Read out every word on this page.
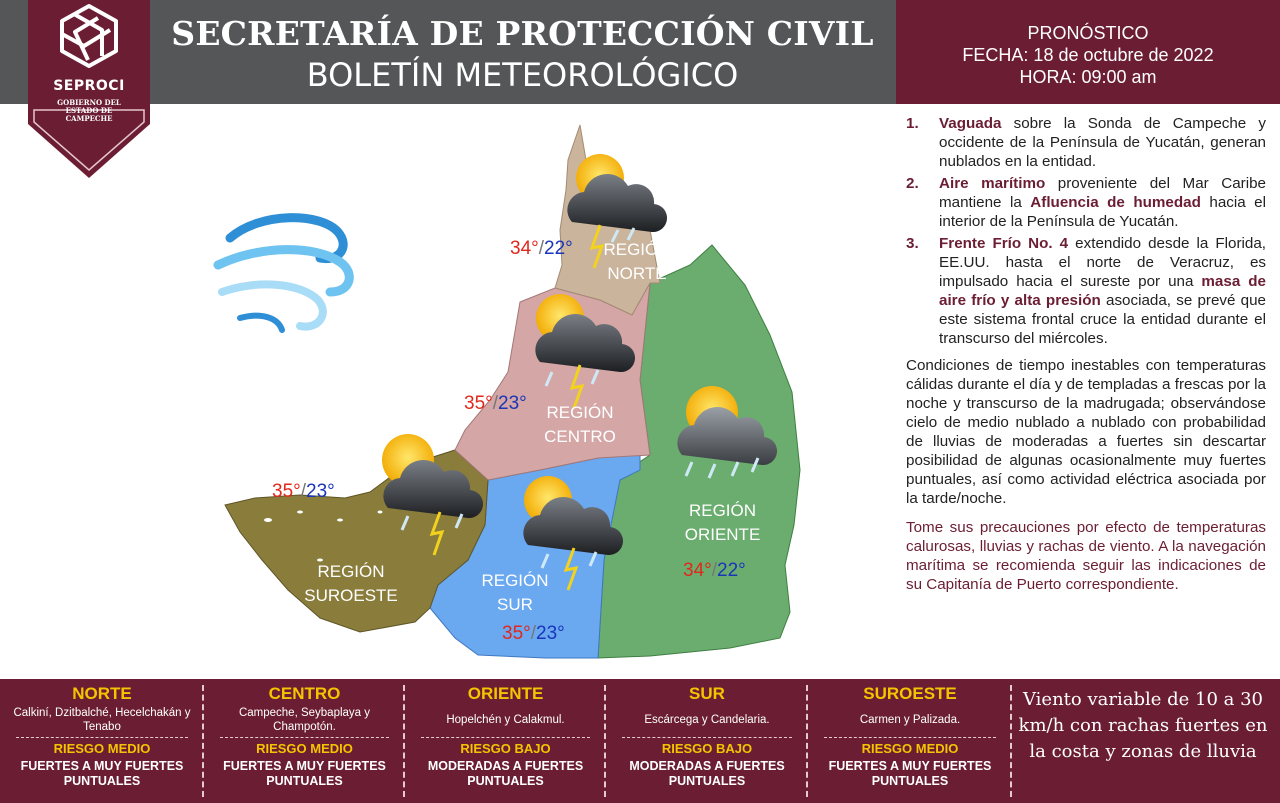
SEPROCI
GOBIERNO DEL ESTADO DE CAMPECHE
SECRETARÍA DE PROTECCIÓN CIVIL
BOLETÍN METEOROLÓGICO
PRONÓSTICO
FECHA: 18 de octubre de 2022
HORA: 09:00 am
REGIÓN
NORTE
REGIÓN
CENTRO
REGIÓN
ORIENTE
REGIÓN
SUR
REGIÓN
SUROESTE
34°/22°
35°/23°
34°/22°
35°/23°
35°/23°
1.	Vaguada sobre la Sonda de Campeche y occidente de la Península de Yucatán, generan nublados en la entidad.
2.	Aire marítimo proveniente del Mar Caribe mantiene la Afluencia de humedad hacia el interior de la Península de Yucatán.
3.	Frente Frío No. 4 extendido desde la Florida, EE.UU. hasta el norte de Veracruz, es impulsado hacia el sureste por una masa de aire frío y alta presión asociada, se prevé que este sistema frontal cruce la entidad durante el transcurso del miércoles.

Condiciones de tiempo inestables con temperaturas cálidas durante el día y de templadas a frescas por la noche y transcurso de la madrugada; observándose cielo de medio nublado a nublado con probabilidad de lluvias de moderadas a fuertes sin descartar posibilidad de algunas ocasionalmente muy fuertes puntuales, así como actividad eléctrica asociada por la tarde/noche.

Tome sus precauciones por efecto de temperaturas calurosas, lluvias y rachas de viento. A la navegación marítima se recomienda seguir las indicaciones de su Capitanía de Puerto correspondiente.

NORTE
Calkiní, Dzitbalché, Hecelchakán y Tenabo
RIESGO MEDIO
FUERTES A MUY FUERTES PUNTUALES
CENTRO
Campeche, Seybaplaya y Champotón.
RIESGO MEDIO
FUERTES A MUY FUERTES PUNTUALES
ORIENTE
Hopelchén y Calakmul.
RIESGO BAJO
MODERADAS A FUERTES PUNTUALES
SUR
Escárcega y Candelaria.
RIESGO BAJO
MODERADAS A FUERTES PUNTUALES
SUROESTE
Carmen y Palizada.
RIESGO MEDIO
FUERTES A MUY FUERTES PUNTUALES
Viento variable de 10 a 30 km/h con rachas fuertes en la costa y zonas de lluvia
